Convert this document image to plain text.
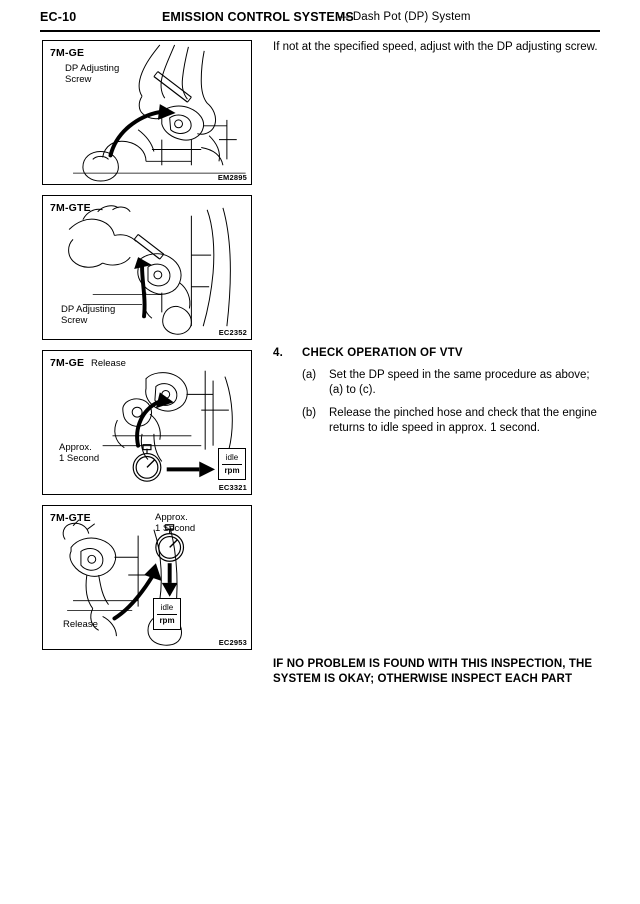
EC-10	EMISSION CONTROL SYSTEMS
— Dash Pot (DP) System
7M-GE
DP Adjusting
Screw
EM2895
7M-GTE
DP Adjusting
Screw
EC2352
7M-GE Release
Approx.
1 Second	idle
rpm
EC3321
7M-GTE	Approx.
1 Second
Release
idle
rpm
EC2953

If not at the specified speed, adjust with the DP adjusting screw.

4. CHECK OPERATION OF VTV
(a) Set the DP speed in the same procedure as above; (a) to (c).
(b) Release the pinched hose and check that the engine returns to idle speed in approx. 1 second.
IF NO PROBLEM IS FOUND WITH THIS INSPECTION, THE SYSTEM IS OKAY; OTHERWISE INSPECT EACH PART
